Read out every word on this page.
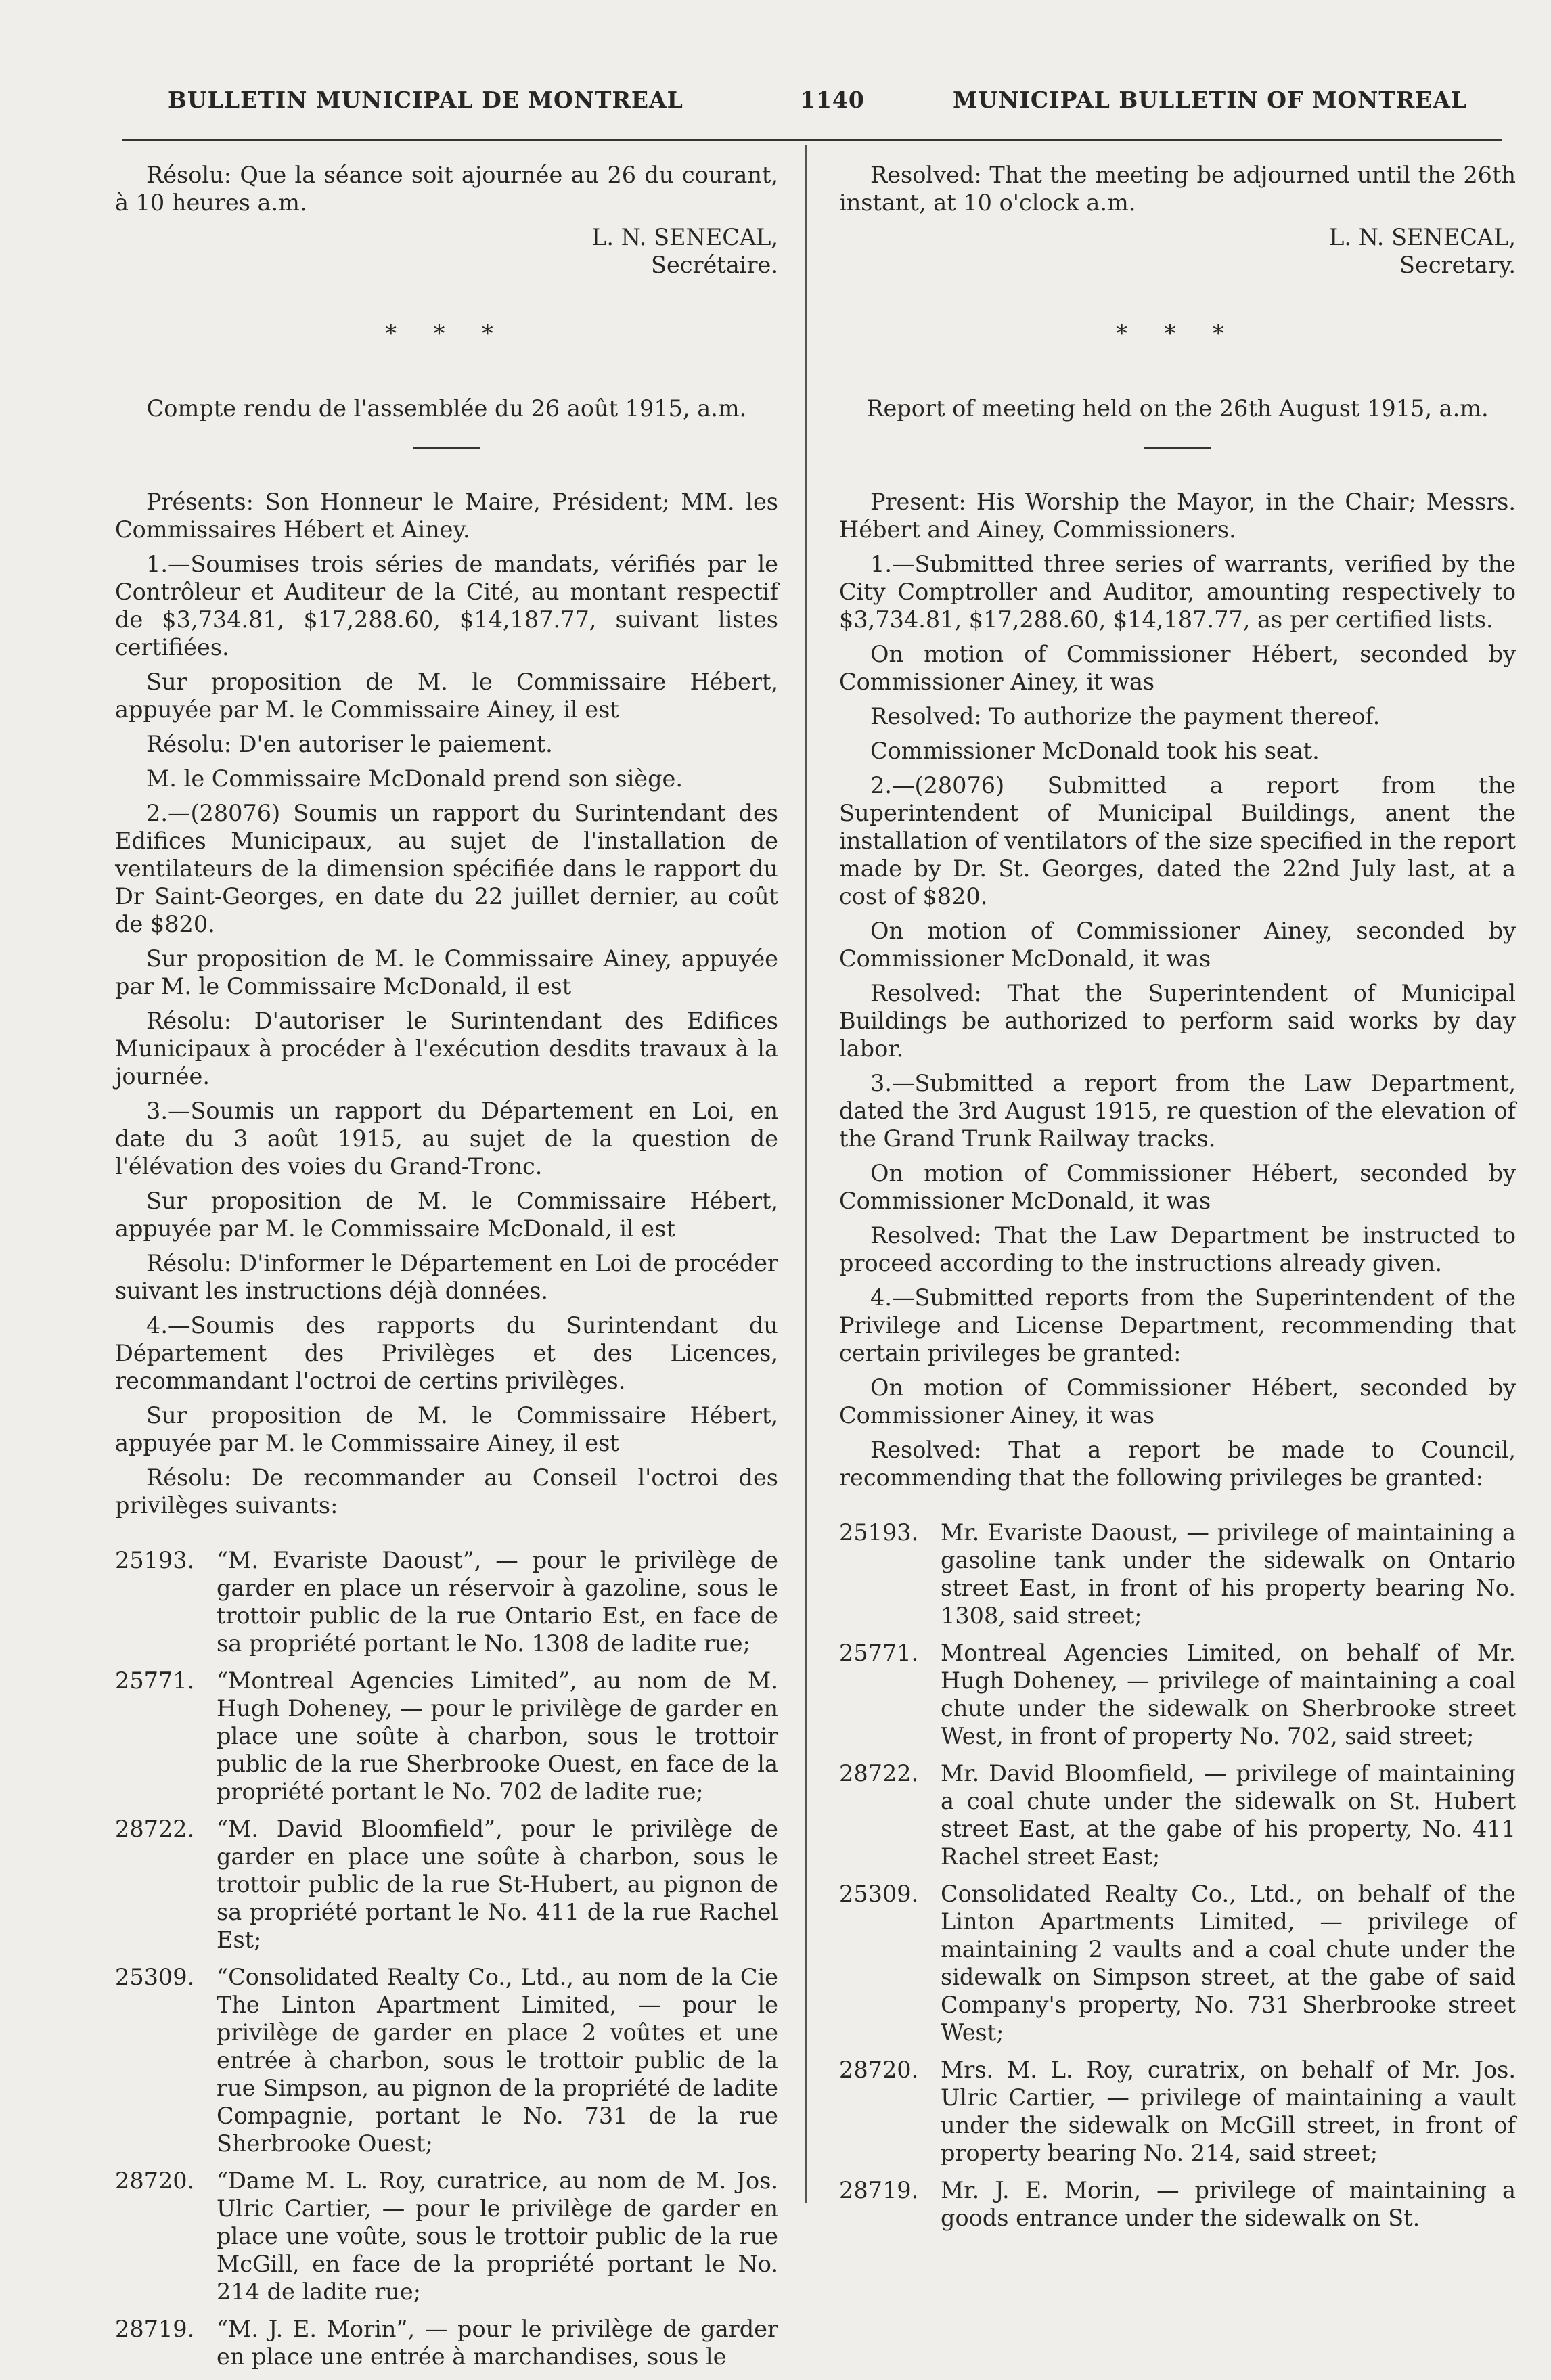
BULLETIN MUNICIPAL DE MONTREAL	1140	MUNICIPAL BULLETIN OF MONTREAL

Résolu: Que la séance soit ajournée au 26 du courant, à 10 heures a.m.

L. N. SENECAL,

Secrétaire.

* * *

Compte rendu de l'assemblée du 26 août 1915, a.m.

Présents: Son Honneur le Maire, Président; MM. les Commissaires Hébert et Ainey.

1.—Soumises trois séries de mandats, vérifiés par le Contrôleur et Auditeur de la Cité, au montant respectif de $3,734.81, $17,288.60, $14,187.77, suivant listes certifiées.

Sur proposition de M. le Commissaire Hébert, appuyée par M. le Commissaire Ainey, il est

Résolu: D'en autoriser le paiement.

M. le Commissaire McDonald prend son siège.

2.—(28076) Soumis un rapport du Surintendant des Edifices Municipaux, au sujet de l'installation de ventilateurs de la dimension spécifiée dans le rapport du Dr Saint-Georges, en date du 22 juillet dernier, au coût de $820.

Sur proposition de M. le Commissaire Ainey, appuyée par M. le Commissaire McDonald, il est

Résolu: D'autoriser le Surintendant des Edifices Municipaux à procéder à l'exécution desdits travaux à la journée.

3.—Soumis un rapport du Département en Loi, en date du 3 août 1915, au sujet de la question de l'élévation des voies du Grand-Tronc.

Sur proposition de M. le Commissaire Hébert, appuyée par M. le Commissaire McDonald, il est

Résolu: D'informer le Département en Loi de procéder suivant les instructions déjà données.

4.—Soumis des rapports du Surintendant du Département des Privilèges et des Licences, recommandant l'octroi de certins privilèges.

Sur proposition de M. le Commissaire Hébert, appuyée par M. le Commissaire Ainey, il est

Résolu: De recommander au Conseil l'octroi des privilèges suivants:

25193. “M. Evariste Daoust”, — pour le privilège de garder en place un réservoir à gazoline, sous le trottoir public de la rue Ontario Est, en face de sa propriété portant le No. 1308 de ladite rue;
25771. “Montreal Agencies Limited”, au nom de M. Hugh Doheney, — pour le privilège de garder en place une soûte à charbon, sous le trottoir public de la rue Sherbrooke Ouest, en face de la propriété portant le No. 702 de ladite rue;
28722. “M. David Bloomfield”, pour le privilège de garder en place une soûte à charbon, sous le trottoir public de la rue St-Hubert, au pignon de sa propriété portant le No. 411 de la rue Rachel Est;
25309. “Consolidated Realty Co., Ltd., au nom de la Cie The Linton Apartment Limited, — pour le privilège de garder en place 2 voûtes et une entrée à charbon, sous le trottoir public de la rue Simpson, au pignon de la propriété de ladite Compagnie, portant le No. 731 de la rue Sherbrooke Ouest;
28720. “Dame M. L. Roy, curatrice, au nom de M. Jos. Ulric Cartier, — pour le privilège de garder en place une voûte, sous le trottoir public de la rue McGill, en face de la propriété portant le No. 214 de ladite rue;
28719. “M. J. E. Morin”, — pour le privilège de garder en place une entrée à marchandises, sous le

Resolved: That the meeting be adjourned until the 26th instant, at 10 o'clock a.m.

L. N. SENECAL,

Secretary.

* * *

Report of meeting held on the 26th August 1915, a.m.

Present: His Worship the Mayor, in the Chair; Messrs. Hébert and Ainey, Commissioners.

1.—Submitted three series of warrants, verified by the City Comptroller and Auditor, amounting respectively to $3,734.81, $17,288.60, $14,187.77, as per certified lists.

On motion of Commissioner Hébert, seconded by Commissioner Ainey, it was

Resolved: To authorize the payment thereof.

Commissioner McDonald took his seat.

2.—(28076) Submitted a report from the Superintendent of Municipal Buildings, anent the installation of ventilators of the size specified in the report made by Dr. St. Georges, dated the 22nd July last, at a cost of $820.

On motion of Commissioner Ainey, seconded by Commissioner McDonald, it was

Resolved: That the Superintendent of Municipal Buildings be authorized to perform said works by day labor.

3.—Submitted a report from the Law Department, dated the 3rd August 1915, re question of the elevation of the Grand Trunk Railway tracks.

On motion of Commissioner Hébert, seconded by Commissioner McDonald, it was

Resolved: That the Law Department be instructed to proceed according to the instructions already given.

4.—Submitted reports from the Superintendent of the Privilege and License Department, recommending that certain privileges be granted:

On motion of Commissioner Hébert, seconded by Commissioner Ainey, it was

Resolved: That a report be made to Council, recommending that the following privileges be granted:

25193. Mr. Evariste Daoust, — privilege of maintaining a gasoline tank under the sidewalk on Ontario street East, in front of his property bearing No. 1308, said street;
25771. Montreal Agencies Limited, on behalf of Mr. Hugh Doheney, — privilege of maintaining a coal chute under the sidewalk on Sherbrooke street West, in front of property No. 702, said street;
28722. Mr. David Bloomfield, — privilege of maintaining a coal chute under the sidewalk on St. Hubert street East, at the gabe of his property, No. 411 Rachel street East;
25309. Consolidated Realty Co., Ltd., on behalf of the Linton Apartments Limited, — privilege of maintaining 2 vaults and a coal chute under the sidewalk on Simpson street, at the gabe of said Company's property, No. 731 Sherbrooke street West;
28720. Mrs. M. L. Roy, curatrix, on behalf of Mr. Jos. Ulric Cartier, — privilege of maintaining a vault under the sidewalk on McGill street, in front of property bearing No. 214, said street;
28719. Mr. J. E. Morin, — privilege of maintaining a goods entrance under the sidewalk on St.
